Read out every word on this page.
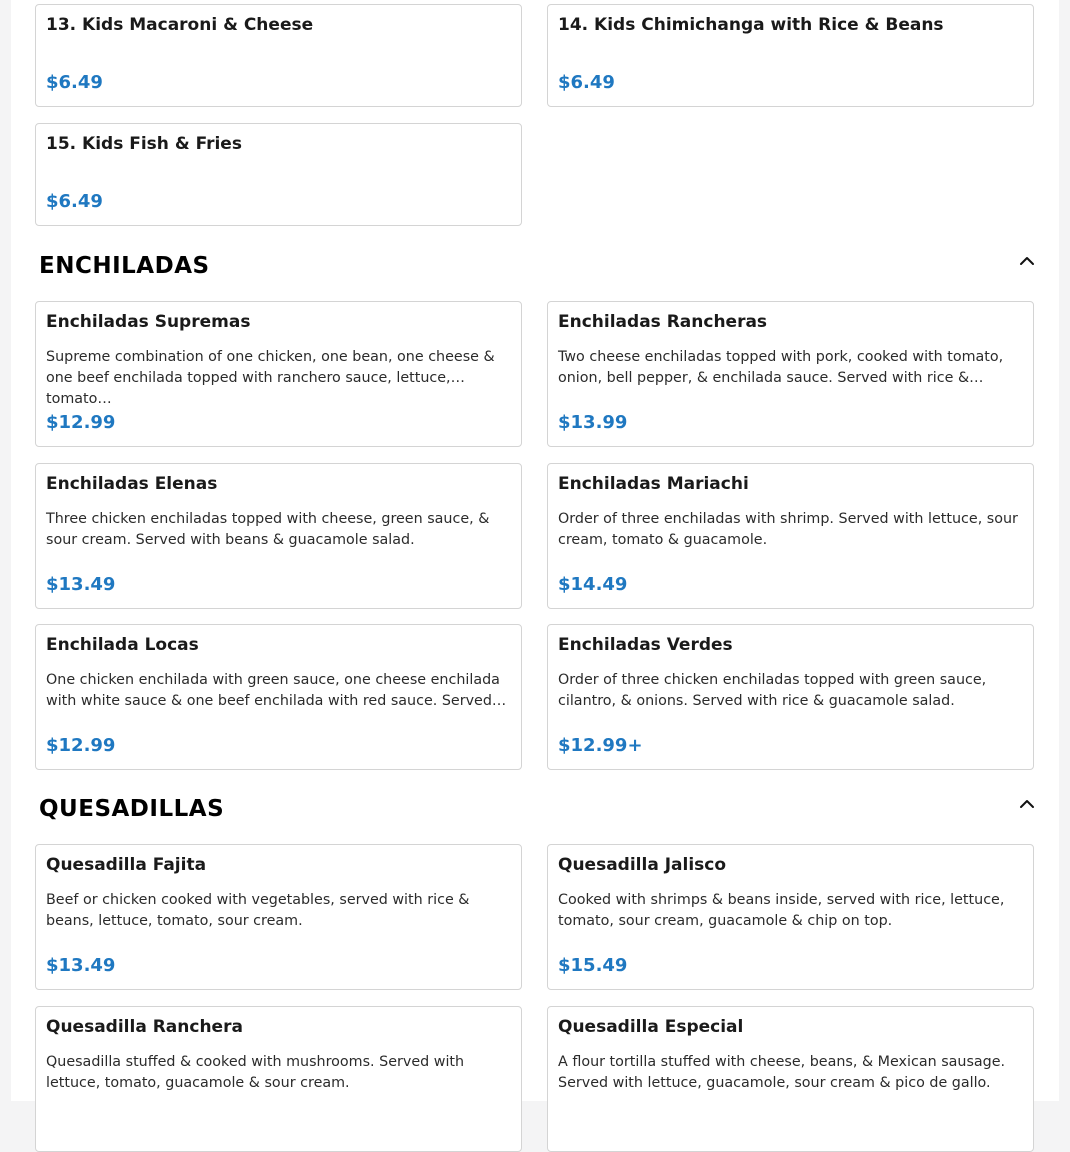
13. Kids Macaroni & Cheese
$6.49
14. Kids Chimichanga with Rice & Beans
$6.49
15. Kids Fish & Fries
$6.49
ENCHILADAS
Enchiladas Supremas
Supreme combination of one chicken, one bean, one cheese & one beef enchilada topped with ranchero sauce, lettuce, tomato…
$12.99
Enchiladas Rancheras
Two cheese enchiladas topped with pork, cooked with tomato, onion, bell pepper, & enchilada sauce. Served with rice &…
$13.99
Enchiladas Elenas
Three chicken enchiladas topped with cheese, green sauce, & sour cream. Served with beans & guacamole salad.
$13.49
Enchiladas Mariachi
Order of three enchiladas with shrimp. Served with lettuce, sour cream, tomato & guacamole.
$14.49
Enchilada Locas
One chicken enchilada with green sauce, one cheese enchilada with white sauce & one beef enchilada with red sauce. Served…
$12.99
Enchiladas Verdes
Order of three chicken enchiladas topped with green sauce, cilantro, & onions. Served with rice & guacamole salad.
$12.99+
QUESADILLAS
Quesadilla Fajita
Beef or chicken cooked with vegetables, served with rice & beans, lettuce, tomato, sour cream.
$13.49
Quesadilla Jalisco
Cooked with shrimps & beans inside, served with rice, lettuce, tomato, sour cream, guacamole & chip on top.
$15.49
Quesadilla Ranchera
Quesadilla stuffed & cooked with mushrooms. Served with lettuce, tomato, guacamole & sour cream.
Quesadilla Especial
A flour tortilla stuffed with cheese, beans, & Mexican sausage. Served with lettuce, guacamole, sour cream & pico de gallo.
